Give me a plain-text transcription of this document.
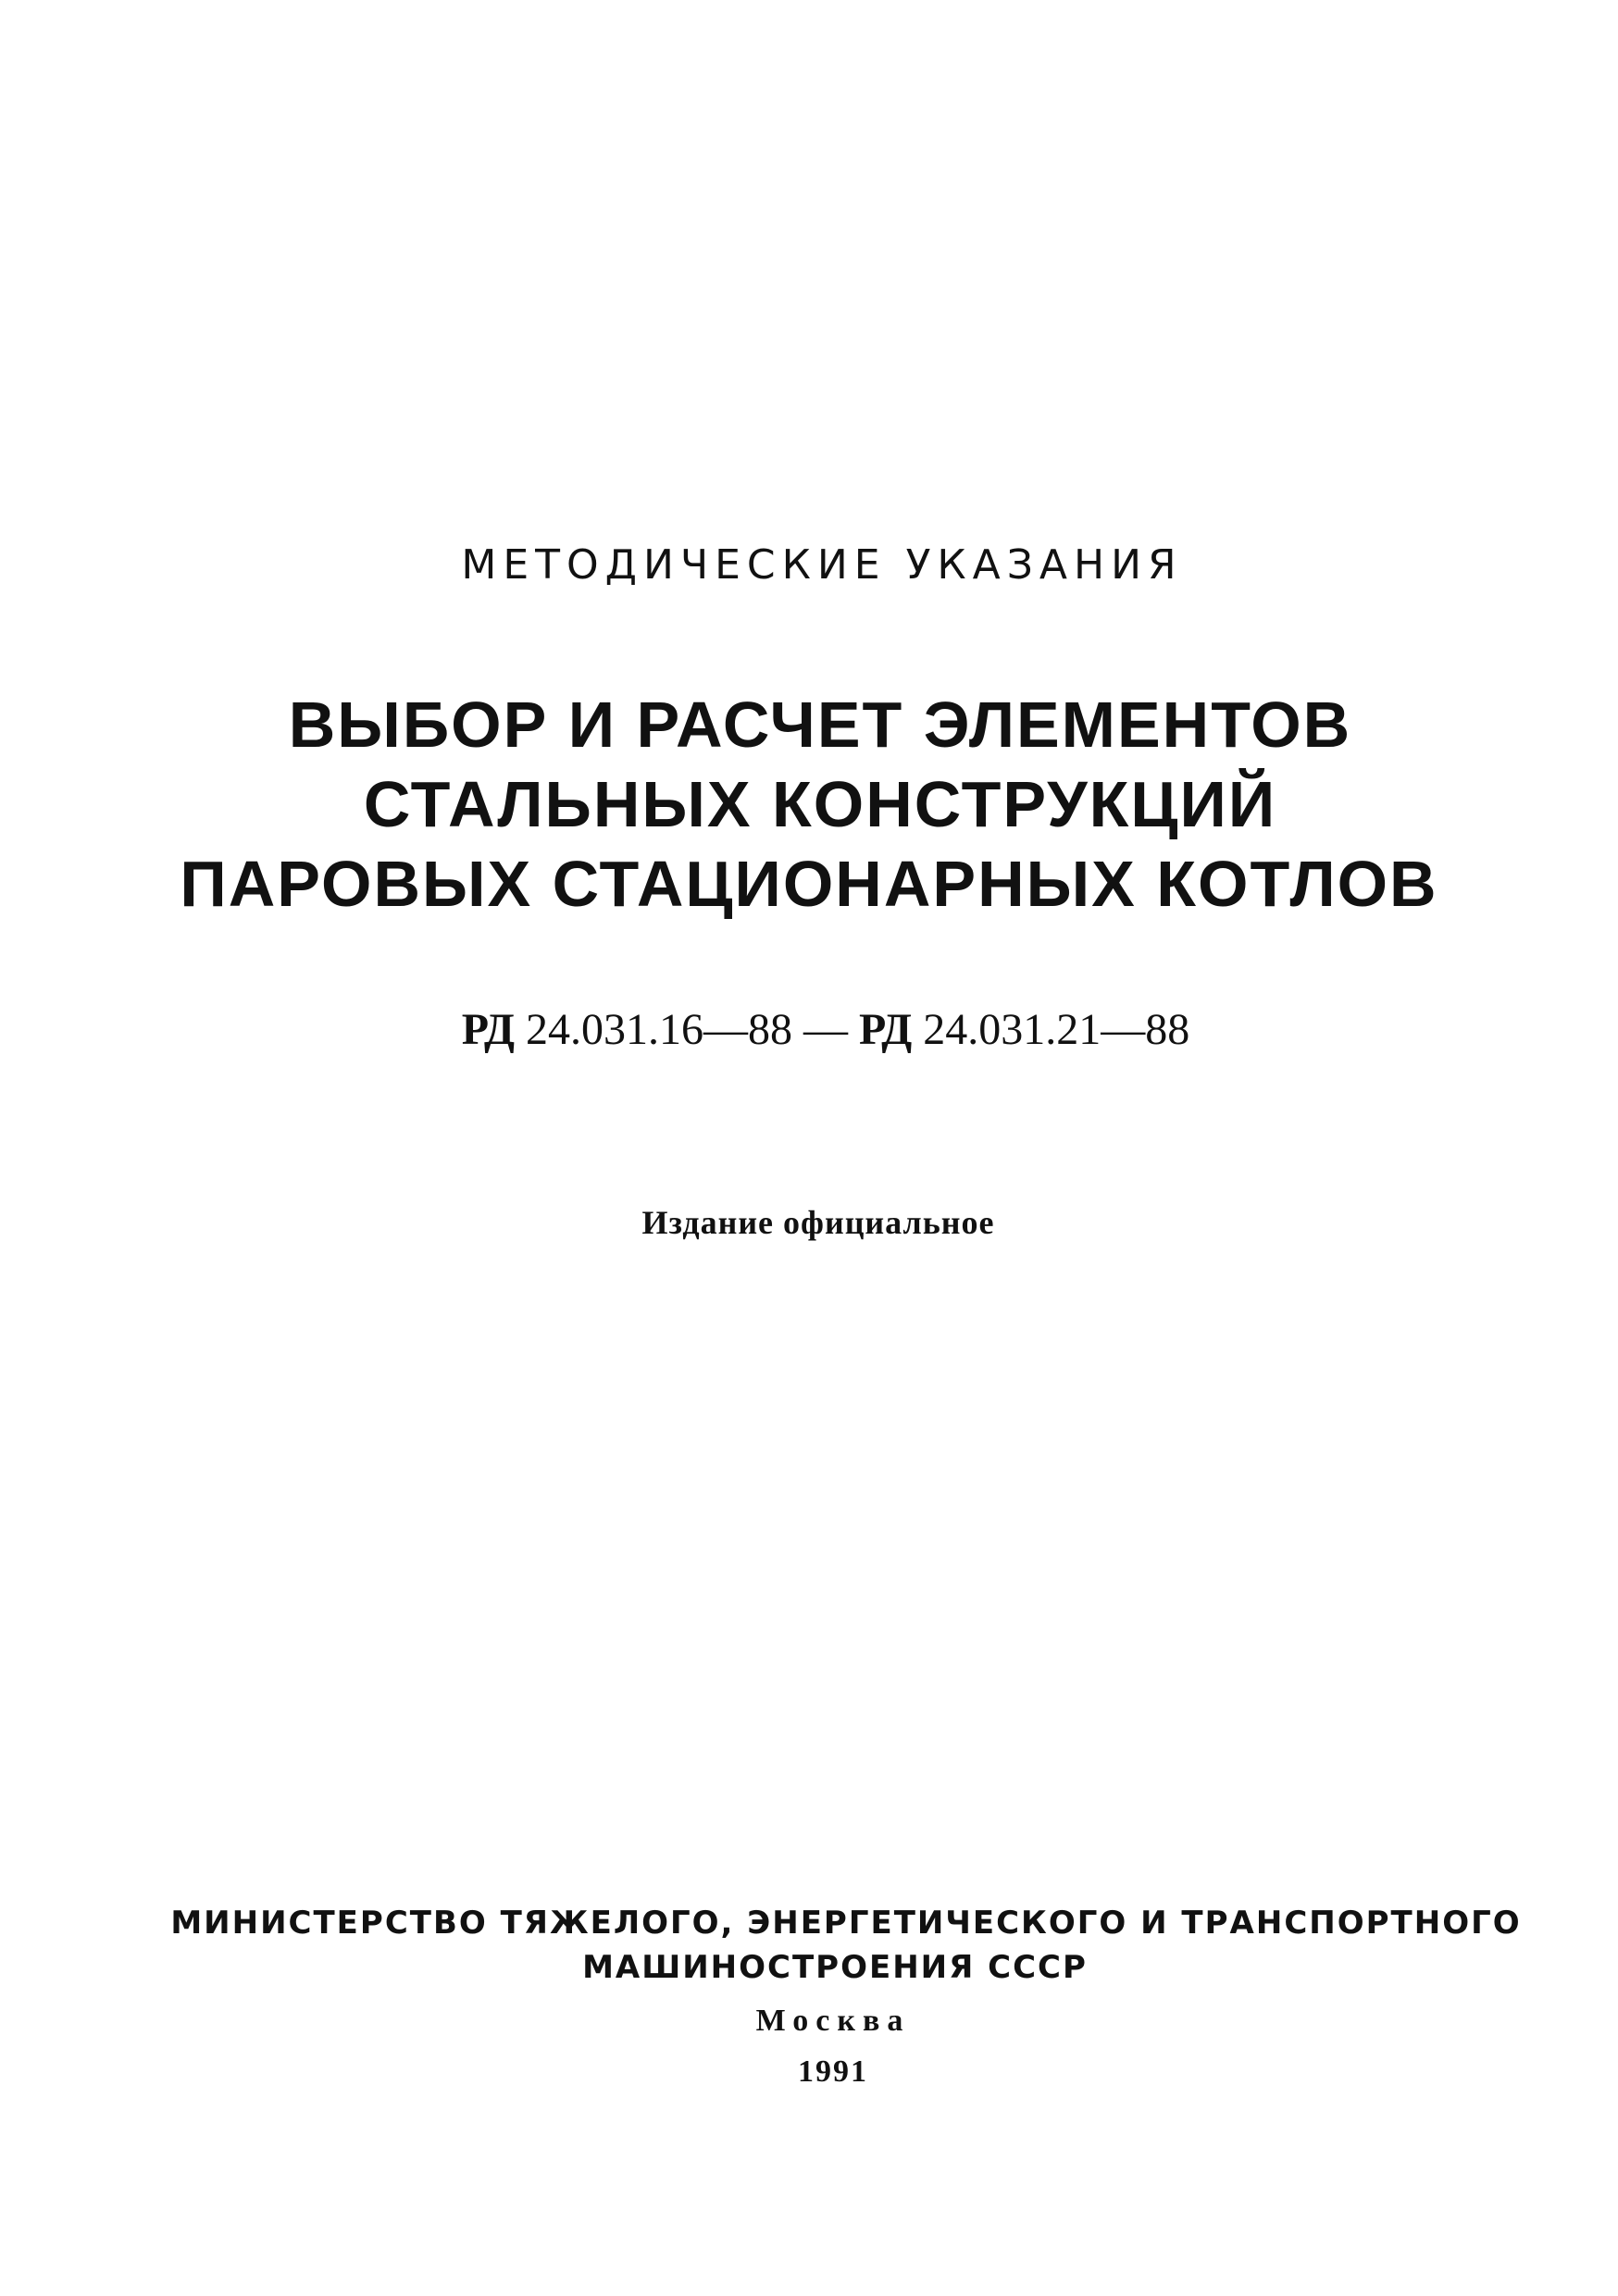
МЕТОДИЧЕСКИЕ УКАЗАНИЯ
ВЫБОР И РАСЧЕТ ЭЛЕМЕНТОВ
СТАЛЬНЫХ КОНСТРУКЦИЙ
ПАРОВЫХ СТАЦИОНАРНЫХ КОТЛОВ
РД 24.031.16—88 — РД 24.031.21—88
Издание официальное
МИНИСТЕРСТВО ТЯЖЕЛОГО, ЭНЕРГЕТИЧЕСКОГО И ТРАНСПОРТНОГО
МАШИНОСТРОЕНИЯ СССР
Москва
1991
